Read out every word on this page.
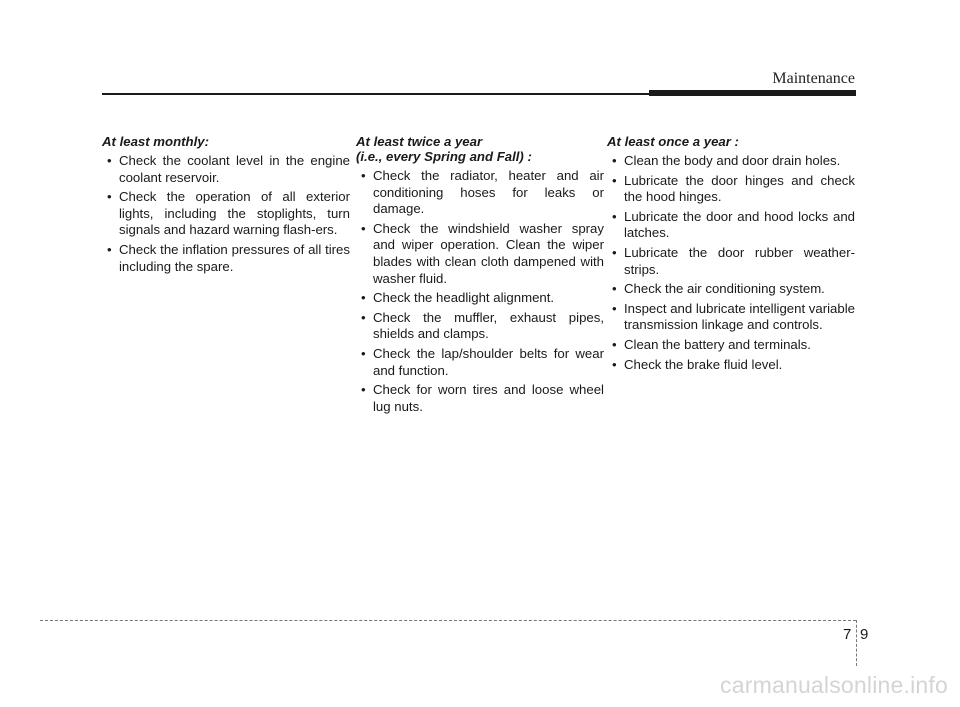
Maintenance
At least monthly:
• Check the coolant level in the engine coolant reservoir.
• Check the operation of all exterior lights, including the stoplights, turn signals and hazard warning flash-ers.
• Check the inflation pressures of all tires including the spare.
At least twice a year
(i.e., every Spring and Fall) :
• Check the radiator, heater and air conditioning hoses for leaks or damage.
• Check the windshield washer spray and wiper operation. Clean the wiper blades with clean cloth dampened with washer fluid.
• Check the headlight alignment.
• Check the muffler, exhaust pipes, shields and clamps.
• Check the lap/shoulder belts for wear and function.
• Check for worn tires and loose wheel lug nuts.
At least once a year :
• Clean the body and door drain holes.
• Lubricate the door hinges and check the hood hinges.
• Lubricate the door and hood locks and latches.
• Lubricate the door rubber weather-strips.
• Check the air conditioning system.
• Inspect and lubricate intelligent variable transmission linkage and controls.
• Clean the battery and terminals.
• Check the brake fluid level.
7 9
carmanualsonline.info
